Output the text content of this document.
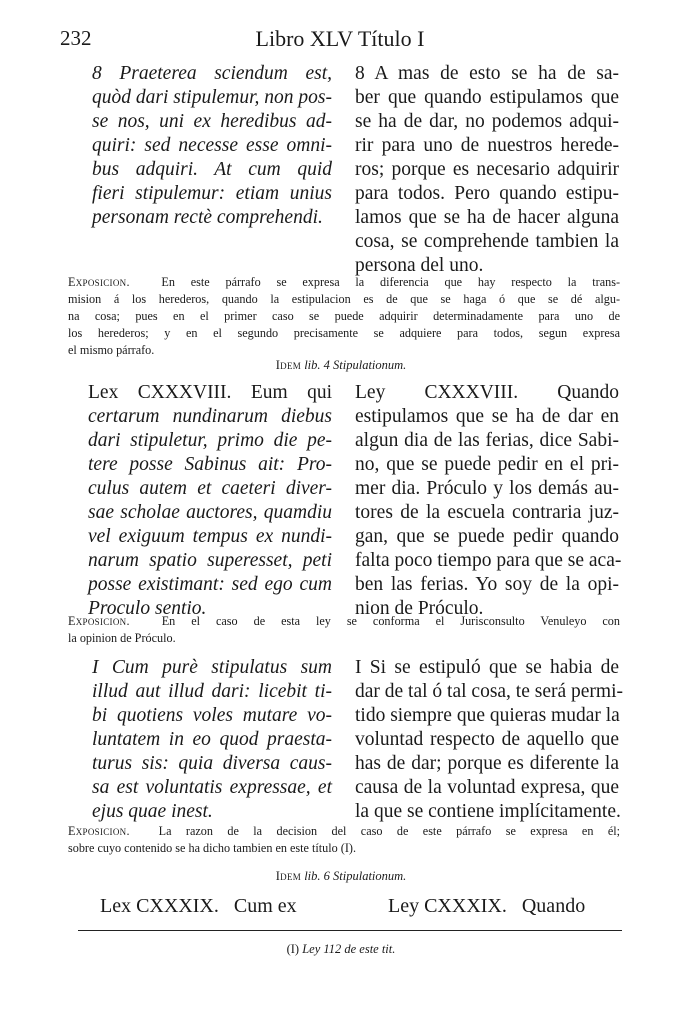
232	Libro XLV Título I
8 Praeterea sciendum est,
quòd dari stipulemur, non pos-
se nos, uni ex heredibus ad-
quiri: sed necesse esse omni-
bus adquiri. At cum quid
fieri stipulemur: etiam unius
personam rectè comprehendi.
8 A mas de esto se ha de sa-
ber que quando estipulamos que
se ha de dar, no podemos adqui-
rir para uno de nuestros herede-
ros; porque es necesario adquirir
para todos. Pero quando estipu-
lamos que se ha de hacer alguna
cosa, se comprehende tambien la
persona del uno.
Exposicion.	En este párrafo se expresa la diferencia que hay respecto la trans-
mision á los herederos, quando la estipulacion es de que se haga ó que se dé algu-
na cosa; pues en el primer caso se puede adquirir determinadamente para uno de
los herederos; y en el segundo precisamente se adquiere para todos, segun expresa
el mismo párrafo.

Idem lib. 4 Stipulationum.

Lex CXXXVIII. Eum qui
certarum nundinarum diebus
dari stipuletur, primo die pe-
tere posse Sabinus ait: Pro-
culus autem et caeteri diver-
sae scholae auctores, quamdiu
vel exiguum tempus ex nundi-
narum spatio superesset, peti
posse existimant: sed ego cum
Proculo sentio.
Ley CXXXVIII. Quando
estipulamos que se ha de dar en
algun dia de las ferias, dice Sabi-
no, que se puede pedir en el pri-
mer dia. Próculo y los demás au-
tores de la escuela contraria juz-
gan, que se puede pedir quando
falta poco tiempo para que se aca-
ben las ferias. Yo soy de la opi-
nion de Próculo.
Exposicion.	En el caso de esta ley se conforma el Jurisconsulto Venuleyo con
la opinion de Próculo.
I Cum purè stipulatus sum
illud aut illud dari: licebit ti-
bi quotiens voles mutare vo-
luntatem in eo quod praesta-
turus sis: quia diversa caus-
sa est voluntatis expressae, et
ejus quae inest.
I Si se estipuló que se habia de
dar de tal ó tal cosa, te será permi-
tido siempre que quieras mudar la
voluntad respecto de aquello que
has de dar; porque es diferente la
causa de la voluntad expresa, que
la que se contiene implícitamente.
Exposicion. La razon de la decision del caso de este párrafo se expresa en él;
sobre cuyo contenido se ha dicho tambien en este título (I).

Idem lib. 6 Stipulationum.

Lex CXXXIX.   Cum ex	Ley CXXXIX.   Quando

(I) Ley 112 de este tit.
